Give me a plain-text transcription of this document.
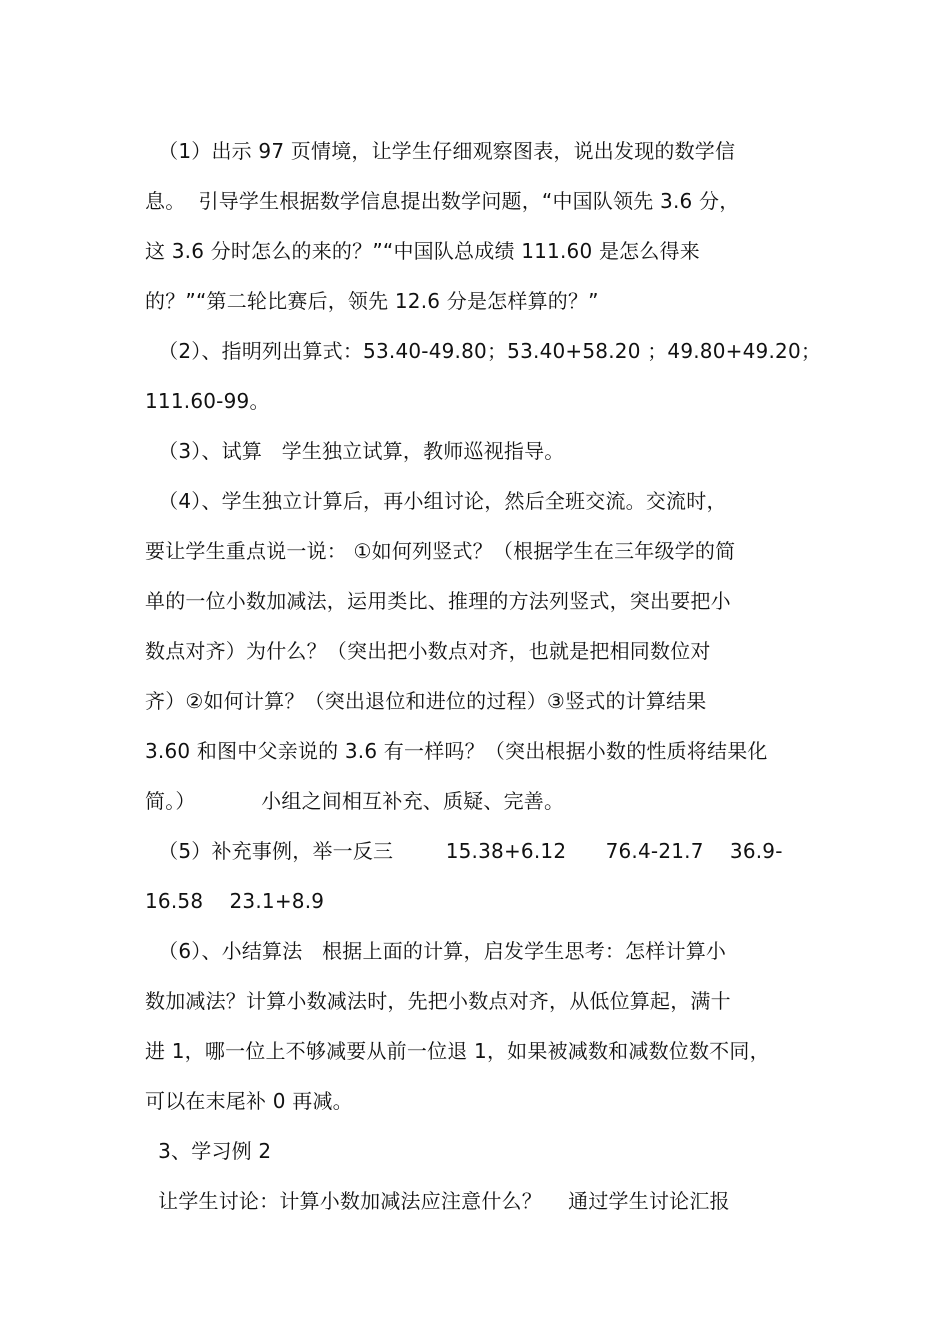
（1）出示 97 页情境，让学生仔细观察图表，说出发现的数学信
息。  引导学生根据数学信息提出数学问题，“中国队领先 3.6 分，
这 3.6 分时怎么的来的？”“中国队总成绩 111.60 是怎么得来
的？”“第二轮比赛后，领先 12.6 分是怎样算的？”
（2）、指明列出算式：53.40-49.80；53.40+58.20 ；49.80+49.20；
111.60-99。
（3）、试算   学生独立试算，教师巡视指导。
（4）、学生独立计算后，再小组讨论，然后全班交流。交流时，
要让学生重点说一说： ①如何列竖式？（根据学生在三年级学的简
单的一位小数加减法，运用类比、推理的方法列竖式，突出要把小
数点对齐）为什么？（突出把小数点对齐，也就是把相同数位对
齐）②如何计算？（突出退位和进位的过程）③竖式的计算结果
3.60 和图中父亲说的 3.6 有一样吗？（突出根据小数的性质将结果化
简。）          小组之间相互补充、质疑、完善。
（5）补充事例，举一反三        15.38+6.12      76.4-21.7    36.9-
16.58    23.1+8.9
（6）、小结算法   根据上面的计算，启发学生思考：怎样计算小
数加减法？计算小数减法时，先把小数点对齐，从低位算起，满十
进 1，哪一位上不够减要从前一位退 1，如果被减数和减数位数不同，
可以在末尾补 0 再减。
3、学习例 2
让学生讨论：计算小数加减法应注意什么？    通过学生讨论汇报
